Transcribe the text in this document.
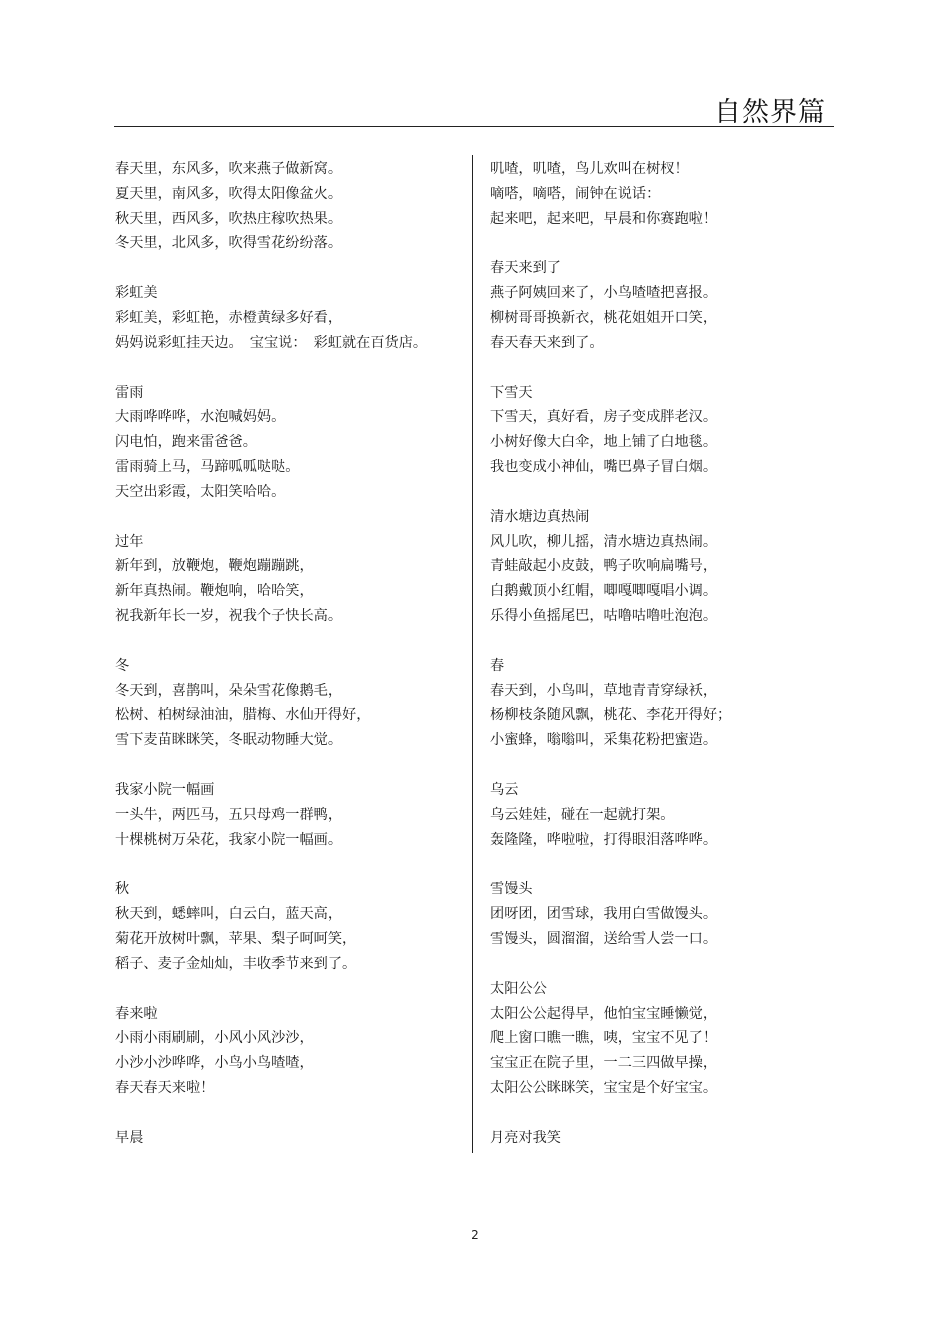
自然界篇
春天里，东风多，吹来燕子做新窝。
夏天里，南风多，吹得太阳像盆火。
秋天里，西风多，吹热庄稼吹热果。
冬天里，北风多，吹得雪花纷纷落。
彩虹美
彩虹美，彩虹艳，赤橙黄绿多好看，
妈妈说彩虹挂天边。　宝宝说：　彩虹就在百货店。
雷雨
大雨哗哗哗，水泡喊妈妈。
闪电怕，跑来雷爸爸。
雷雨骑上马，马蹄呱呱哒哒。
天空出彩霞，太阳笑哈哈。
过年
新年到，放鞭炮，鞭炮蹦蹦跳，
新年真热闹。鞭炮响，哈哈笑，
祝我新年长一岁，祝我个子快长高。
冬
冬天到，喜鹊叫，朵朵雪花像鹅毛，
松树、柏树绿油油，腊梅、水仙开得好，
雪下麦苗眯眯笑，冬眠动物睡大觉。
我家小院一幅画
一头牛，两匹马，五只母鸡一群鸭，
十棵桃树万朵花，我家小院一幅画。
秋
秋天到，蟋蟀叫，白云白，蓝天高，
菊花开放树叶飘，苹果、梨子呵呵笑，
稻子、麦子金灿灿，丰收季节来到了。
春来啦
小雨小雨刷刷，小风小风沙沙，
小沙小沙哗哗，小鸟小鸟喳喳，
春天春天来啦！
早晨
叽喳，叽喳，鸟儿欢叫在树杈！
嘀嗒，嘀嗒，闹钟在说话：
起来吧，起来吧，早晨和你赛跑啦！
春天来到了
燕子阿姨回来了，小鸟喳喳把喜报。
柳树哥哥换新衣，桃花姐姐开口笑，
春天春天来到了。
下雪天
下雪天，真好看，房子变成胖老汉。
小树好像大白伞，地上铺了白地毯。
我也变成小神仙，嘴巴鼻子冒白烟。
清水塘边真热闹
风儿吹，柳儿摇，清水塘边真热闹。
青蛙敲起小皮鼓，鸭子吹响扁嘴号，
白鹅戴顶小红帽，唧嘎唧嘎唱小调。
乐得小鱼摇尾巴，咕噜咕噜吐泡泡。
春
春天到，小鸟叫，草地青青穿绿袄，
杨柳枝条随风飘，桃花、李花开得好；
小蜜蜂，嗡嗡叫，采集花粉把蜜造。
乌云
乌云娃娃，碰在一起就打架。
轰隆隆，哗啦啦，打得眼泪落哗哗。
雪馒头
团呀团，团雪球，我用白雪做馒头。
雪馒头，圆溜溜，送给雪人尝一口。
太阳公公
太阳公公起得早，他怕宝宝睡懒觉，
爬上窗口瞧一瞧，咦，宝宝不见了！
宝宝正在院子里，一二三四做早操，
太阳公公眯眯笑，宝宝是个好宝宝。
月亮对我笑
2
